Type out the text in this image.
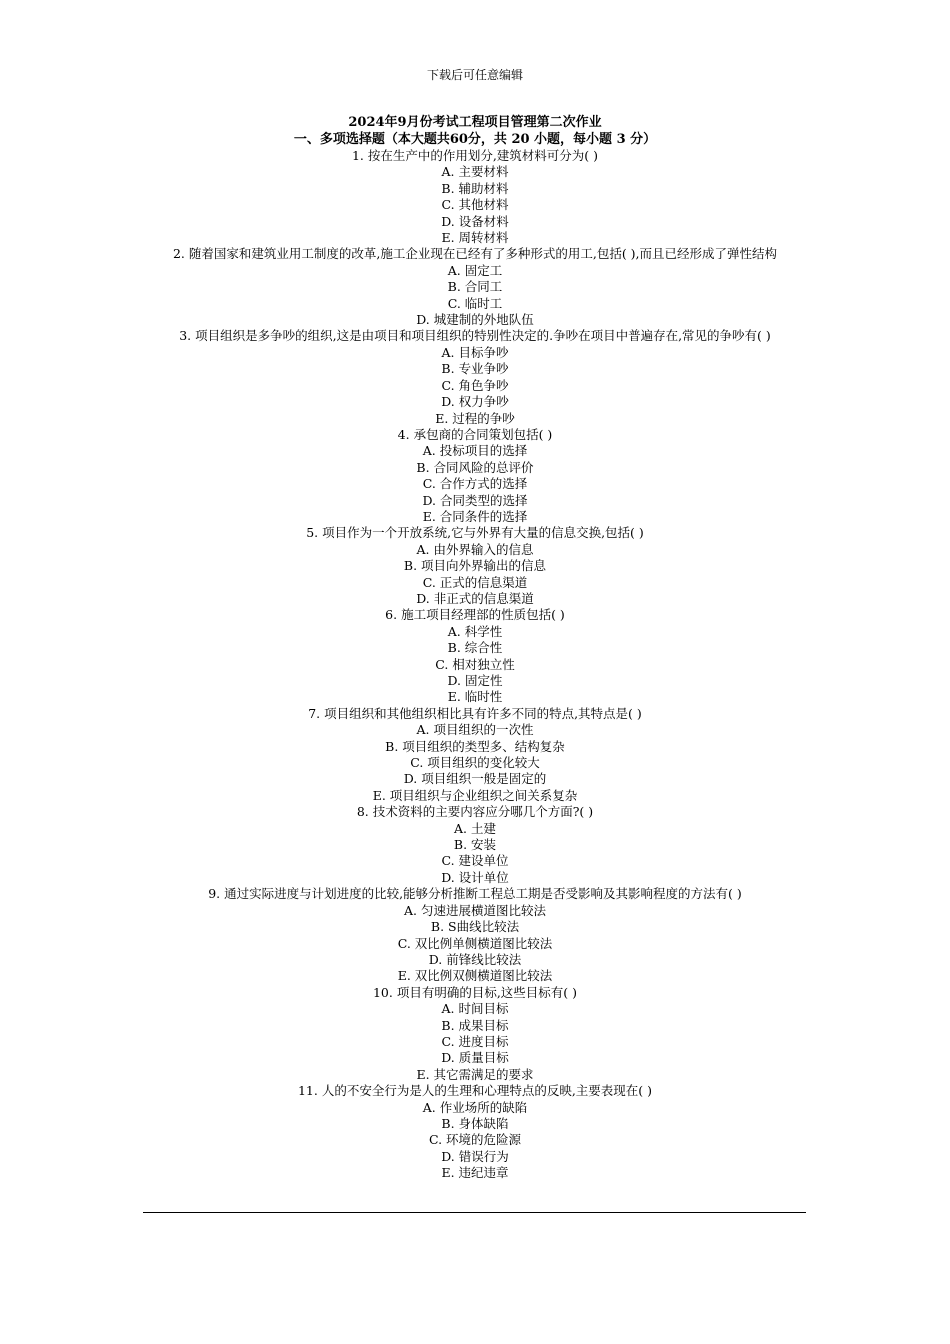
下载后可任意编辑
2024年9月份考试工程项目管理第二次作业
一、多项选择题（本大题共60分，共 20 小题，每小题 3 分）
1. 按在生产中的作用划分,建筑材料可分为( )
A. 主要材料
B. 辅助材料
C. 其他材料
D. 设备材料
E. 周转材料
2. 随着国家和建筑业用工制度的改革,施工企业现在已经有了多种形式的用工,包括( ),而且已经形成了弹性结构
A. 固定工
B. 合同工
C. 临时工
D. 城建制的外地队伍
3. 项目组织是多争吵的组织,这是由项目和项目组织的特别性决定的.争吵在项目中普遍存在,常见的争吵有( )
A. 目标争吵
B. 专业争吵
C. 角色争吵
D. 权力争吵
E. 过程的争吵
4. 承包商的合同策划包括( )
A. 投标项目的选择
B. 合同风险的总评价
C. 合作方式的选择
D. 合同类型的选择
E. 合同条件的选择
5. 项目作为一个开放系统,它与外界有大量的信息交换,包括( )
A. 由外界输入的信息
B. 项目向外界输出的信息
C. 正式的信息渠道
D. 非正式的信息渠道
6. 施工项目经理部的性质包括( )
A. 科学性
B. 综合性
C. 相对独立性
D. 固定性
E. 临时性
7. 项目组织和其他组织相比具有许多不同的特点,其特点是( )
A. 项目组织的一次性
B. 项目组织的类型多、结构复杂
C. 项目组织的变化较大
D. 项目组织一般是固定的
E. 项目组织与企业组织之间关系复杂
8. 技术资料的主要内容应分哪几个方面?( )
A. 土建
B. 安装
C. 建设单位
D. 设计单位
9. 通过实际进度与计划进度的比较,能够分析推断工程总工期是否受影响及其影响程度的方法有( )
A. 匀速进展横道图比较法
B. S曲线比较法
C. 双比例单侧横道图比较法
D. 前锋线比较法
E. 双比例双侧横道图比较法
10. 项目有明确的目标,这些目标有( )
A. 时间目标
B. 成果目标
C. 进度目标
D. 质量目标
E. 其它需满足的要求
11. 人的不安全行为是人的生理和心理特点的反映,主要表现在( )
A. 作业场所的缺陷
B. 身体缺陷
C. 环境的危险源
D. 错误行为
E. 违纪违章
